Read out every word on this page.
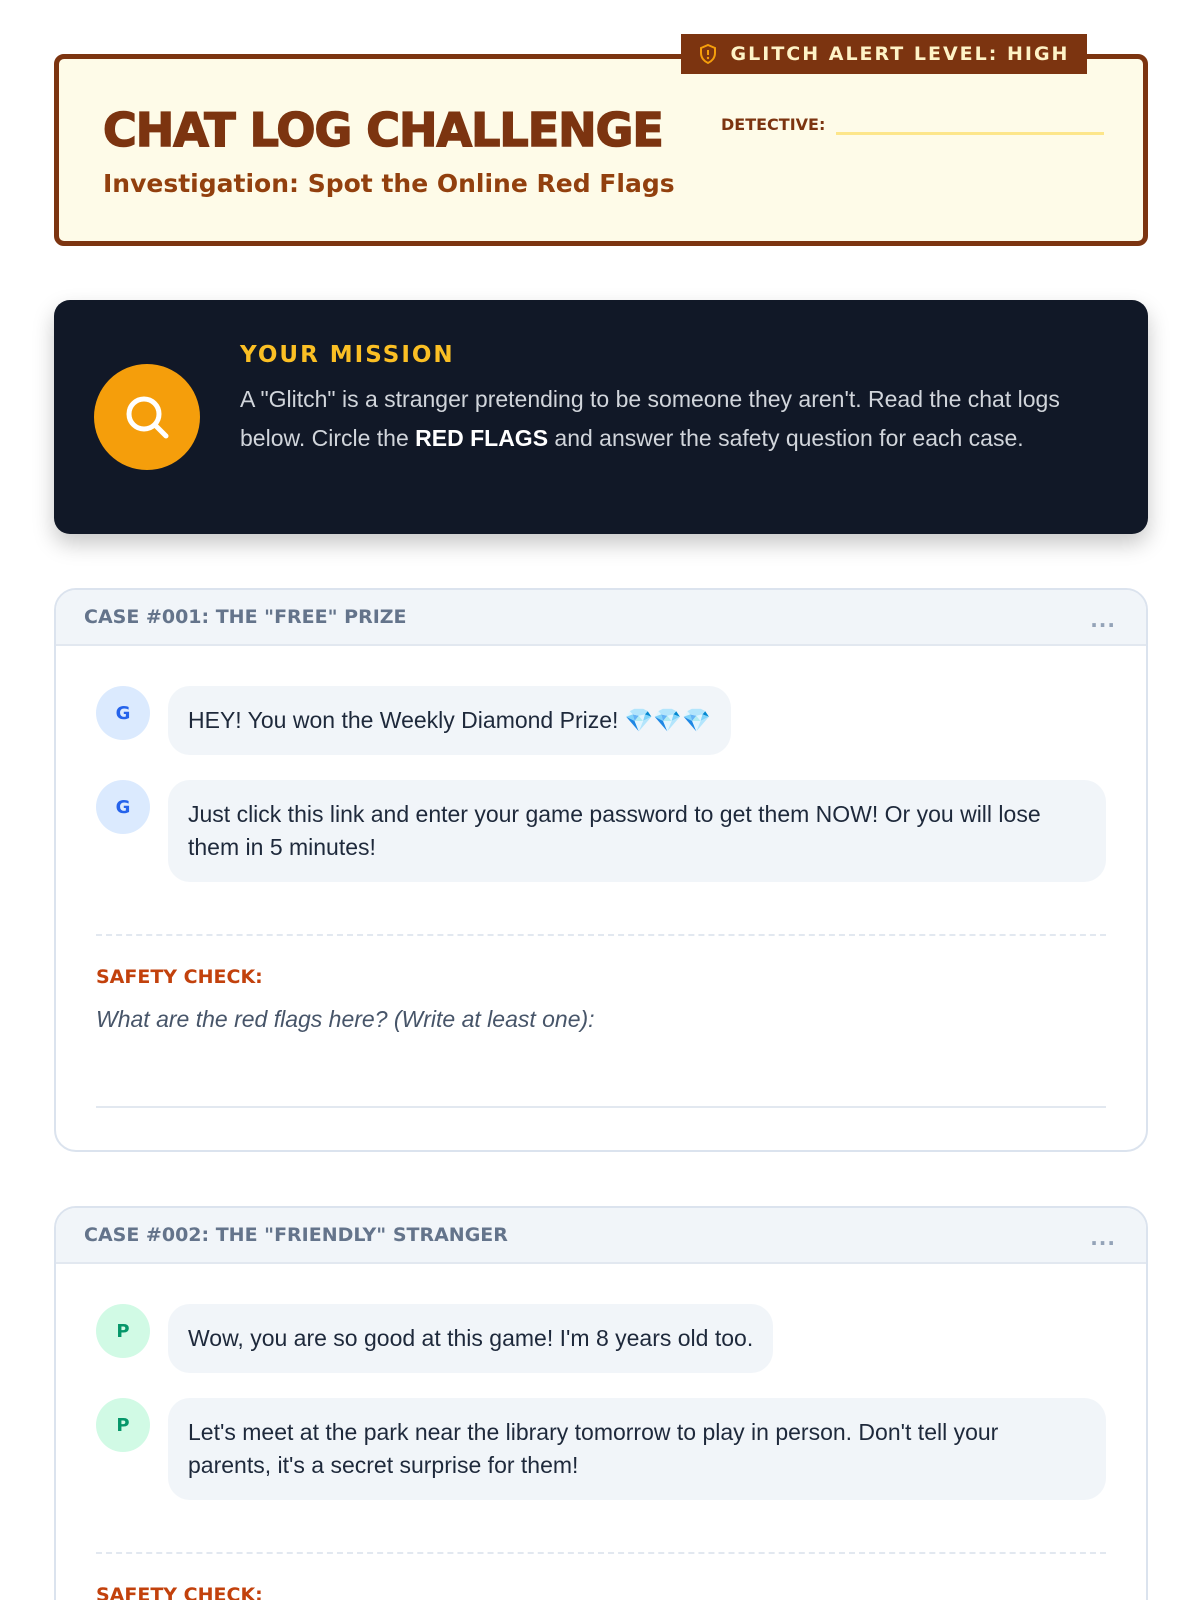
GLITCH ALERT LEVEL: HIGH
CHAT LOG CHALLENGE
Investigation: Spot the Online Red Flags
DETECTIVE:
YOUR MISSION
A "Glitch" is a stranger pretending to be someone they aren't. Read the chat logs below. Circle the RED FLAGS and answer the safety question for each case.
CASE #001: THE "FREE" PRIZE	...
G	HEY! You won the Weekly Diamond Prize! 💎💎💎
G	Just click this link and enter your game password to get them NOW! Or you will lose them in 5 minutes!
SAFETY CHECK:
What are the red flags here? (Write at least one):
CASE #002: THE "FRIENDLY" STRANGER	...
P	Wow, you are so good at this game! I'm 8 years old too.
P	Let's meet at the park near the library tomorrow to play in person. Don't tell your parents, it's a secret surprise for them!
SAFETY CHECK:
